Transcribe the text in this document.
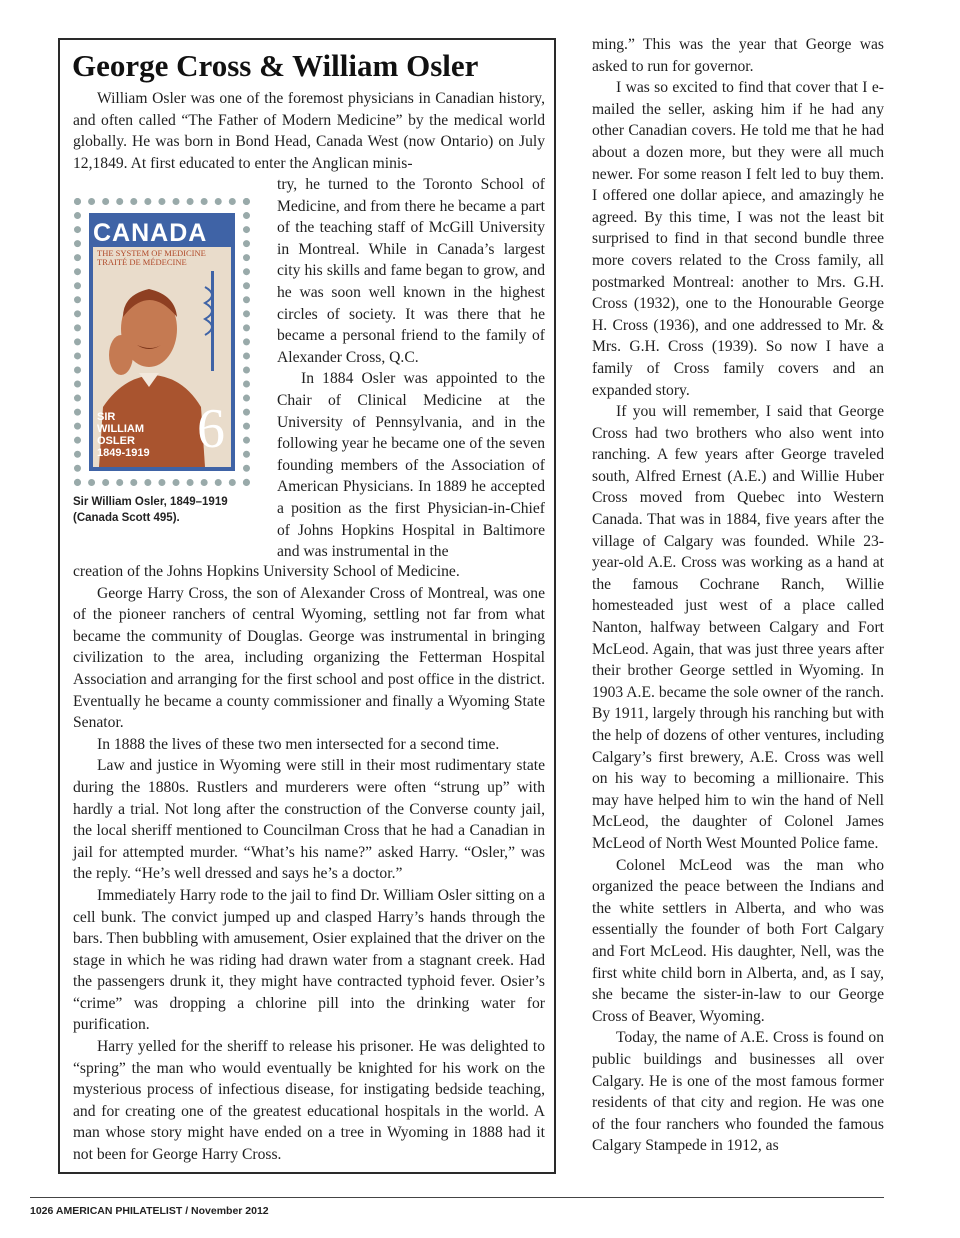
George Cross & William Osler

William Osler was one of the foremost physicians in Canadian history, and often called “The Father of Modern Medicine” by the medical world globally. He was born in Bond Head, Canada West (now Ontario) on July 12,1849. At first educated to enter the Anglican minis-

CANADA
THE SYSTEM OF MEDICINE
TRAITÉ DE MÉDECINE
SIR
WILLIAM
OSLER
1849-1919 6
Sir William Osler, 1849–1919
(Canada Scott 495).

try, he turned to the Toronto School of Medicine, and from there he became a part of the teaching staff of McGill University in Montreal. While in Canada’s largest city his skills and fame began to grow, and he was soon well known in the highest circles of society. It was there that he became a personal friend to the family of Alexander Cross, Q.C.

In 1884 Osler was appointed to the Chair of Clinical Medicine at the University of Pennsylvania, and in the following year he became one of the seven founding members of the Association of American Physicians. In 1889 he accepted a position as the first Physician-in-Chief of Johns Hopkins Hospital in Baltimore and was instrumental in the

creation of the Johns Hopkins University School of Medicine.

George Harry Cross, the son of Alexander Cross of Montreal, was one of the pioneer ranchers of central Wyoming, settling not far from what became the community of Douglas. George was instrumental in bringing civilization to the area, including organizing the Fetterman Hospital Association and arranging for the first school and post office in the district. Eventually he became a county commissioner and finally a Wyoming State Senator.

In 1888 the lives of these two men intersected for a second time.

Law and justice in Wyoming were still in their most rudimentary state during the 1880s. Rustlers and murderers were often “strung up” with hardly a trial. Not long after the construction of the Converse county jail, the local sheriff mentioned to Councilman Cross that he had a Canadian in jail for attempted murder. “What’s his name?” asked Harry. “Osler,” was the reply. “He’s well dressed and says he’s a doctor.”

Immediately Harry rode to the jail to find Dr. William Osler sitting on a cell bunk. The convict jumped up and clasped Harry’s hands through the bars. Then bubbling with amusement, Osier explained that the driver on the stage in which he was riding had drawn water from a stagnant creek. Had the passengers drunk it, they might have contracted typhoid fever. Osier’s “crime” was dropping a chlorine pill into the drinking water for purification.

Harry yelled for the sheriff to release his prisoner. He was delighted to “spring” the man who would eventually be knighted for his work on the mysterious process of infectious disease, for instigating bedside teaching, and for creating one of the greatest educational hospitals in the world. A man whose story might have ended on a tree in Wyoming in 1888 had it not been for George Harry Cross.

ming.” This was the year that George was asked to run for governor.

I was so excited to find that cover that I e-mailed the seller, asking him if he had any other Canadian covers. He told me that he had about a dozen more, but they were all much newer. For some reason I felt led to buy them. I offered one dollar apiece, and amazingly he agreed. By this time, I was not the least bit surprised to find in that second bundle three more covers related to the Cross family, all postmarked Montreal: another to Mrs. G.H. Cross (1932), one to the Honourable George H. Cross (1936), and one addressed to Mr. & Mrs. G.H. Cross (1939). So now I have a family of Cross family covers and an expanded story.

If you will remember, I said that George Cross had two brothers who also went into ranching. A few years after George traveled south, Alfred Ernest (A.E.) and Willie Huber Cross moved from Quebec into Western Canada. That was in 1884, five years after the village of Calgary was founded. While 23-year-old A.E. Cross was working as a hand at the famous Cochrane Ranch, Willie homesteaded just west of a place called Nanton, halfway between Calgary and Fort McLeod. Again, that was just three years after their brother George settled in Wyoming. In 1903 A.E. became the sole owner of the ranch. By 1911, largely through his ranching but with the help of dozens of other ventures, including Calgary’s first brewery, A.E. Cross was well on his way to becoming a millionaire. This may have helped him to win the hand of Nell McLeod, the daughter of Colonel James McLeod of North West Mounted Police fame.

Colonel McLeod was the man who organized the peace between the Indians and the white settlers in Alberta, and who was essentially the founder of both Fort Calgary and Fort McLeod. His daughter, Nell, was the first white child born in Alberta, and, as I say, she became the sister-in-law to our George Cross of Beaver, Wyoming.

Today, the name of A.E. Cross is found on public buildings and businesses all over Calgary. He is one of the most famous former residents of that city and region. He was one of the four ranchers who founded the famous Calgary Stampede in 1912, as

1026 AMERICAN PHILATELIST / November 2012
